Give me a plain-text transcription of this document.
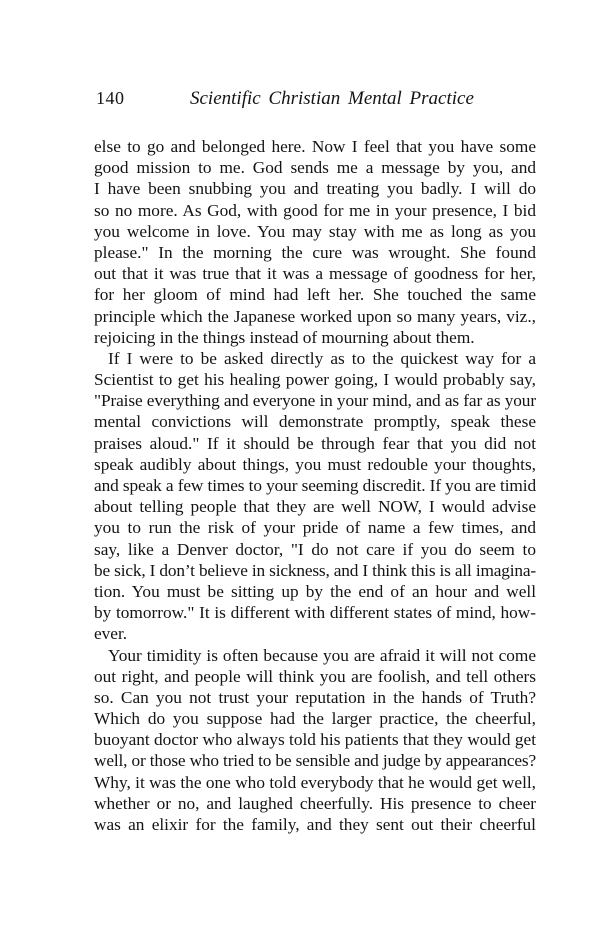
140	Scientific Christian Mental Practice
else to go and belonged here. Now I feel that you have some
good mission to me. God sends me a message by you, and
I have been snubbing you and treating you badly. I will do
so no more. As God, with good for me in your presence, I bid
you welcome in love. You may stay with me as long as you
please." In the morning the cure was wrought. She found
out that it was true that it was a message of goodness for her,
for her gloom of mind had left her. She touched the same
principle which the Japanese worked upon so many years, viz.,
rejoicing in the things instead of mourning about them.
If I were to be asked directly as to the quickest way for a
Scientist to get his healing power going, I would probably say,
"Praise everything and everyone in your mind, and as far as your
mental convictions will demonstrate promptly, speak these
praises aloud." If it should be through fear that you did not
speak audibly about things, you must redouble your thoughts,
and speak a few times to your seeming discredit. If you are timid
about telling people that they are well NOW, I would advise
you to run the risk of your pride of name a few times, and
say, like a Denver doctor, "I do not care if you do seem to
be sick, I don’t believe in sickness, and I think this is all imagina-
tion. You must be sitting up by the end of an hour and well
by tomorrow." It is different with different states of mind, how-
ever.
Your timidity is often because you are afraid it will not come
out right, and people will think you are foolish, and tell others
so. Can you not trust your reputation in the hands of Truth?
Which do you suppose had the larger practice, the cheerful,
buoyant doctor who always told his patients that they would get
well, or those who tried to be sensible and judge by appearances?
Why, it was the one who told everybody that he would get well,
whether or no, and laughed cheerfully. His presence to cheer
was an elixir for the family, and they sent out their cheerful
